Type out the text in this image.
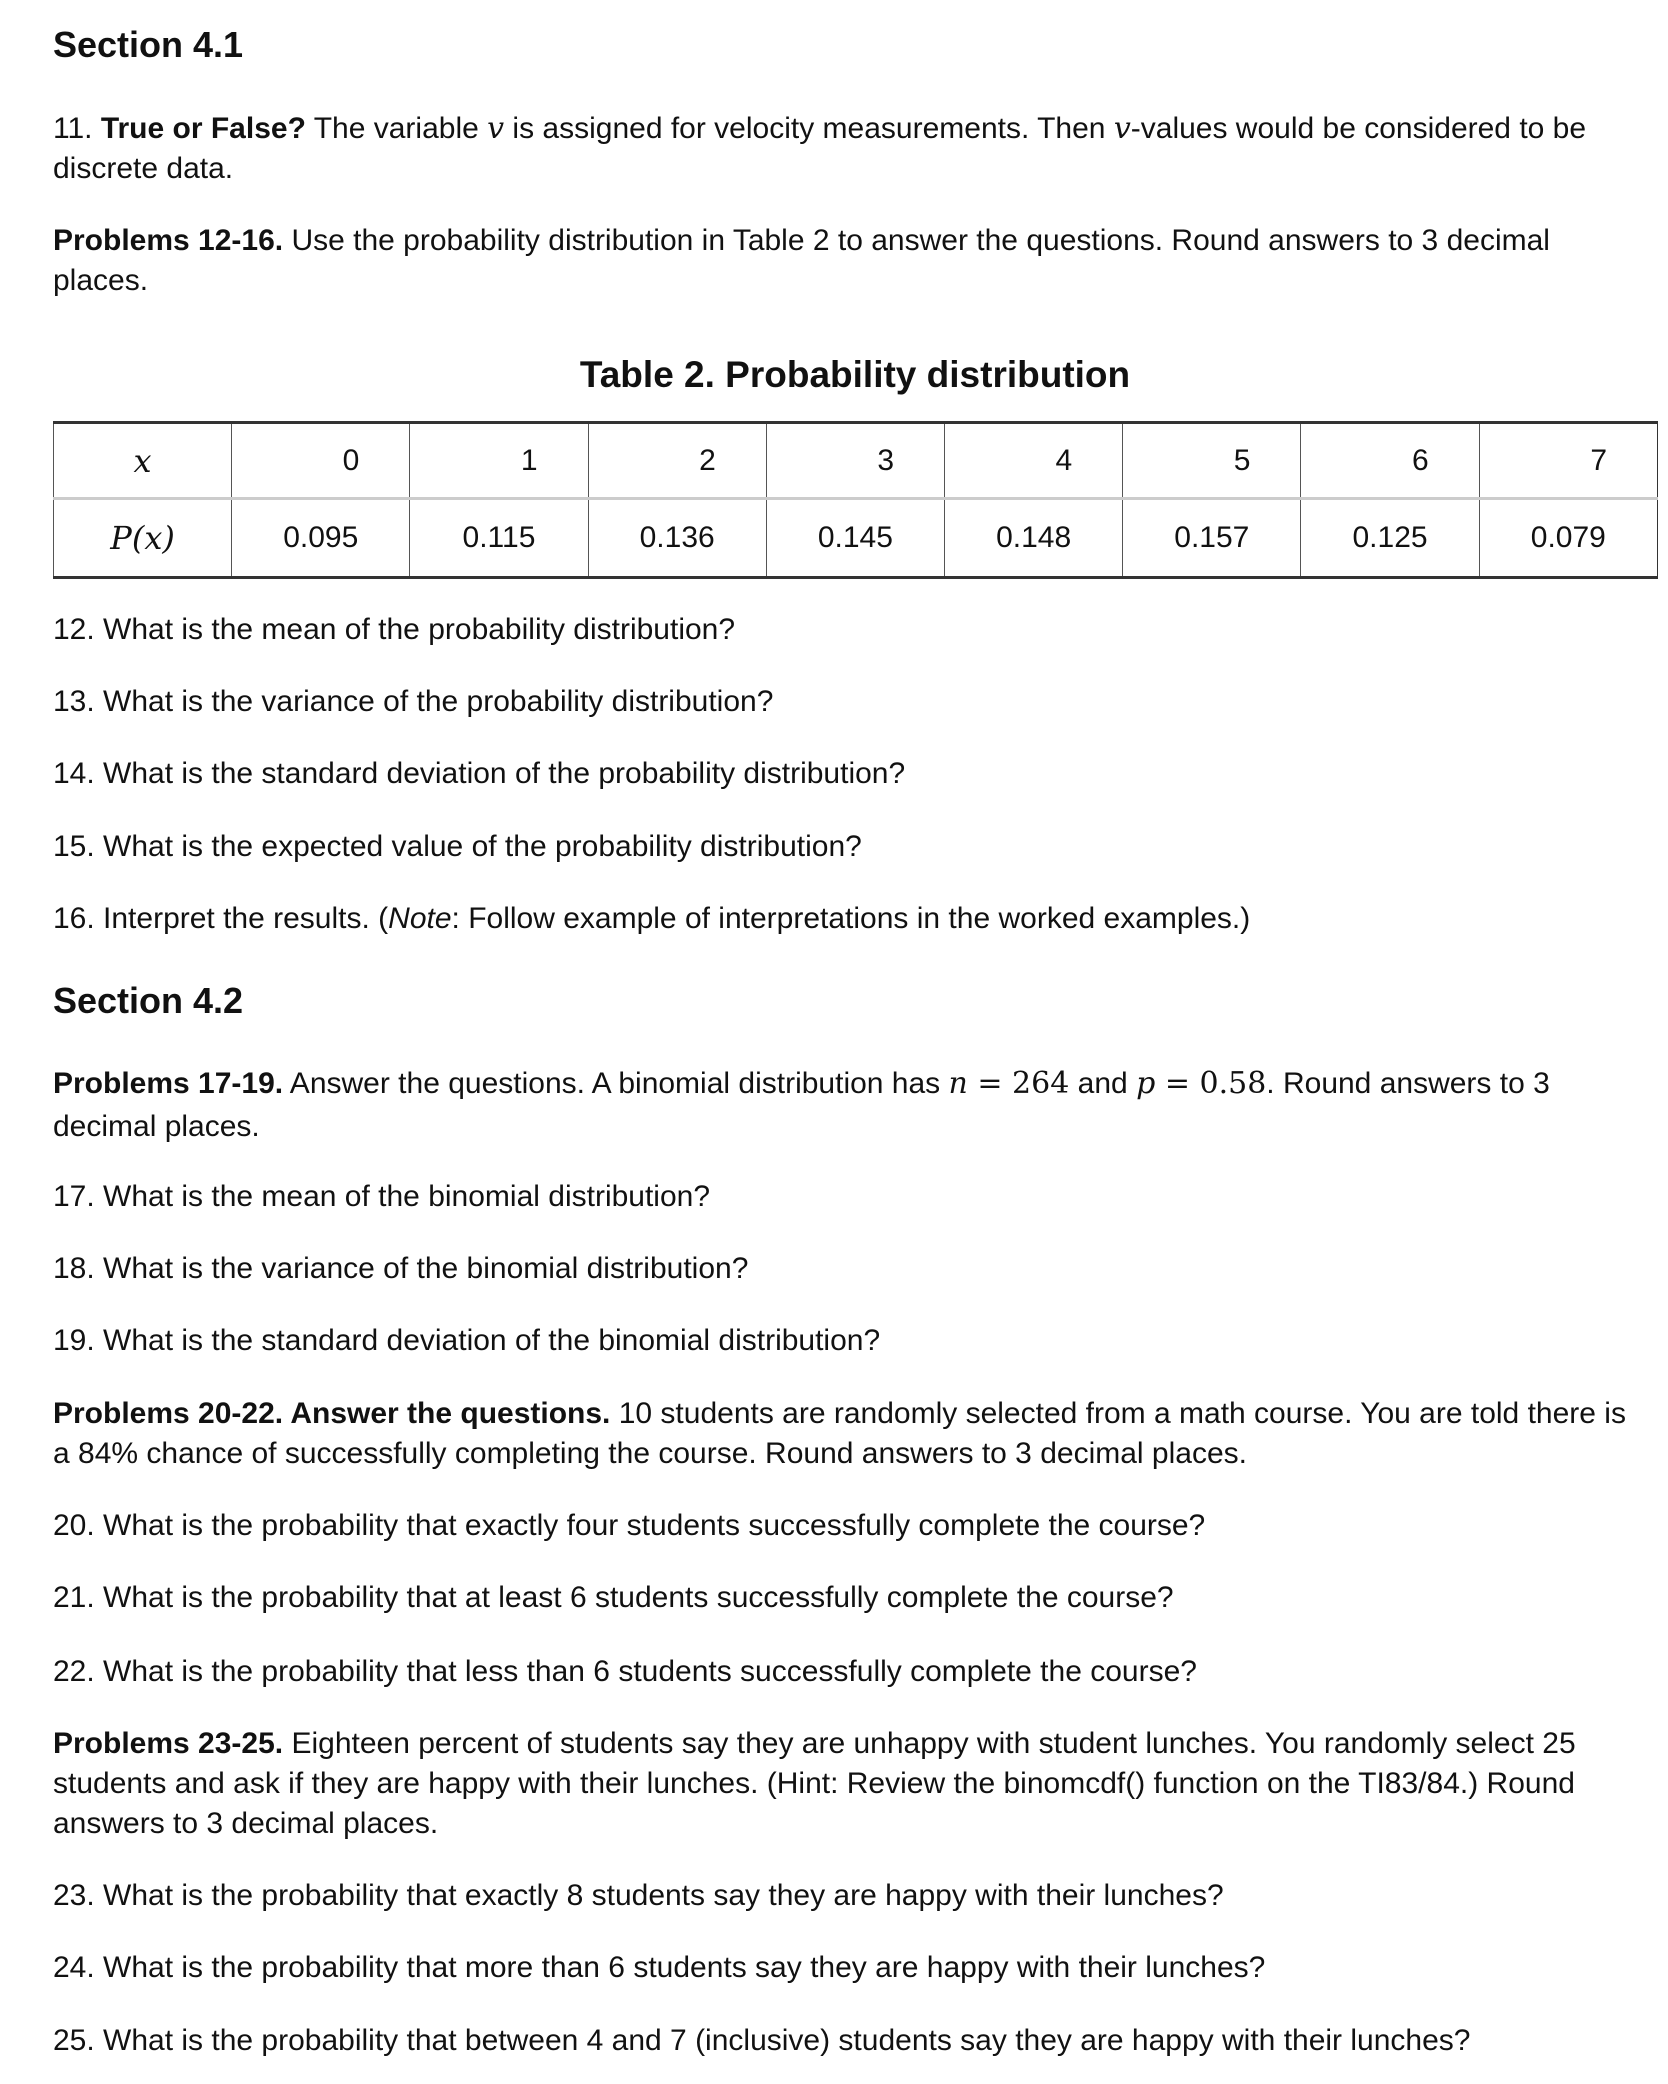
Section 4.1
11. True or False? The variable v is assigned for velocity measurements. Then v-values would be considered to be discrete data.
Problems 12-16. Use the probability distribution in Table 2 to answer the questions. Round answers to 3 decimal places.
Table 2. Probability distribution
x	0	1	2	3	4	5	6	7
P(x)	0.095	0.115	0.136	0.145	0.148	0.157	0.125	0.079
12. What is the mean of the probability distribution?
13. What is the variance of the probability distribution?
14. What is the standard deviation of the probability distribution?
15. What is the expected value of the probability distribution?
16. Interpret the results. (Note: Follow example of interpretations in the worked examples.)
Section 4.2
Problems 17-19. Answer the questions. A binomial distribution has n = 264 and p = 0.58. Round answers to 3 decimal places.
17. What is the mean of the binomial distribution?
18. What is the variance of the binomial distribution?
19. What is the standard deviation of the binomial distribution?
Problems 20-22. Answer the questions. 10 students are randomly selected from a math course. You are told there is a 84% chance of successfully completing the course. Round answers to 3 decimal places.
20. What is the probability that exactly four students successfully complete the course?
21. What is the probability that at least 6 students successfully complete the course?
22. What is the probability that less than 6 students successfully complete the course?
Problems 23-25. Eighteen percent of students say they are unhappy with student lunches. You randomly select 25 students and ask if they are happy with their lunches. (Hint: Review the binomcdf() function on the TI83/84.) Round answers to 3 decimal places.
23. What is the probability that exactly 8 students say they are happy with their lunches?
24. What is the probability that more than 6 students say they are happy with their lunches?
25. What is the probability that between 4 and 7 (inclusive) students say they are happy with their lunches?
